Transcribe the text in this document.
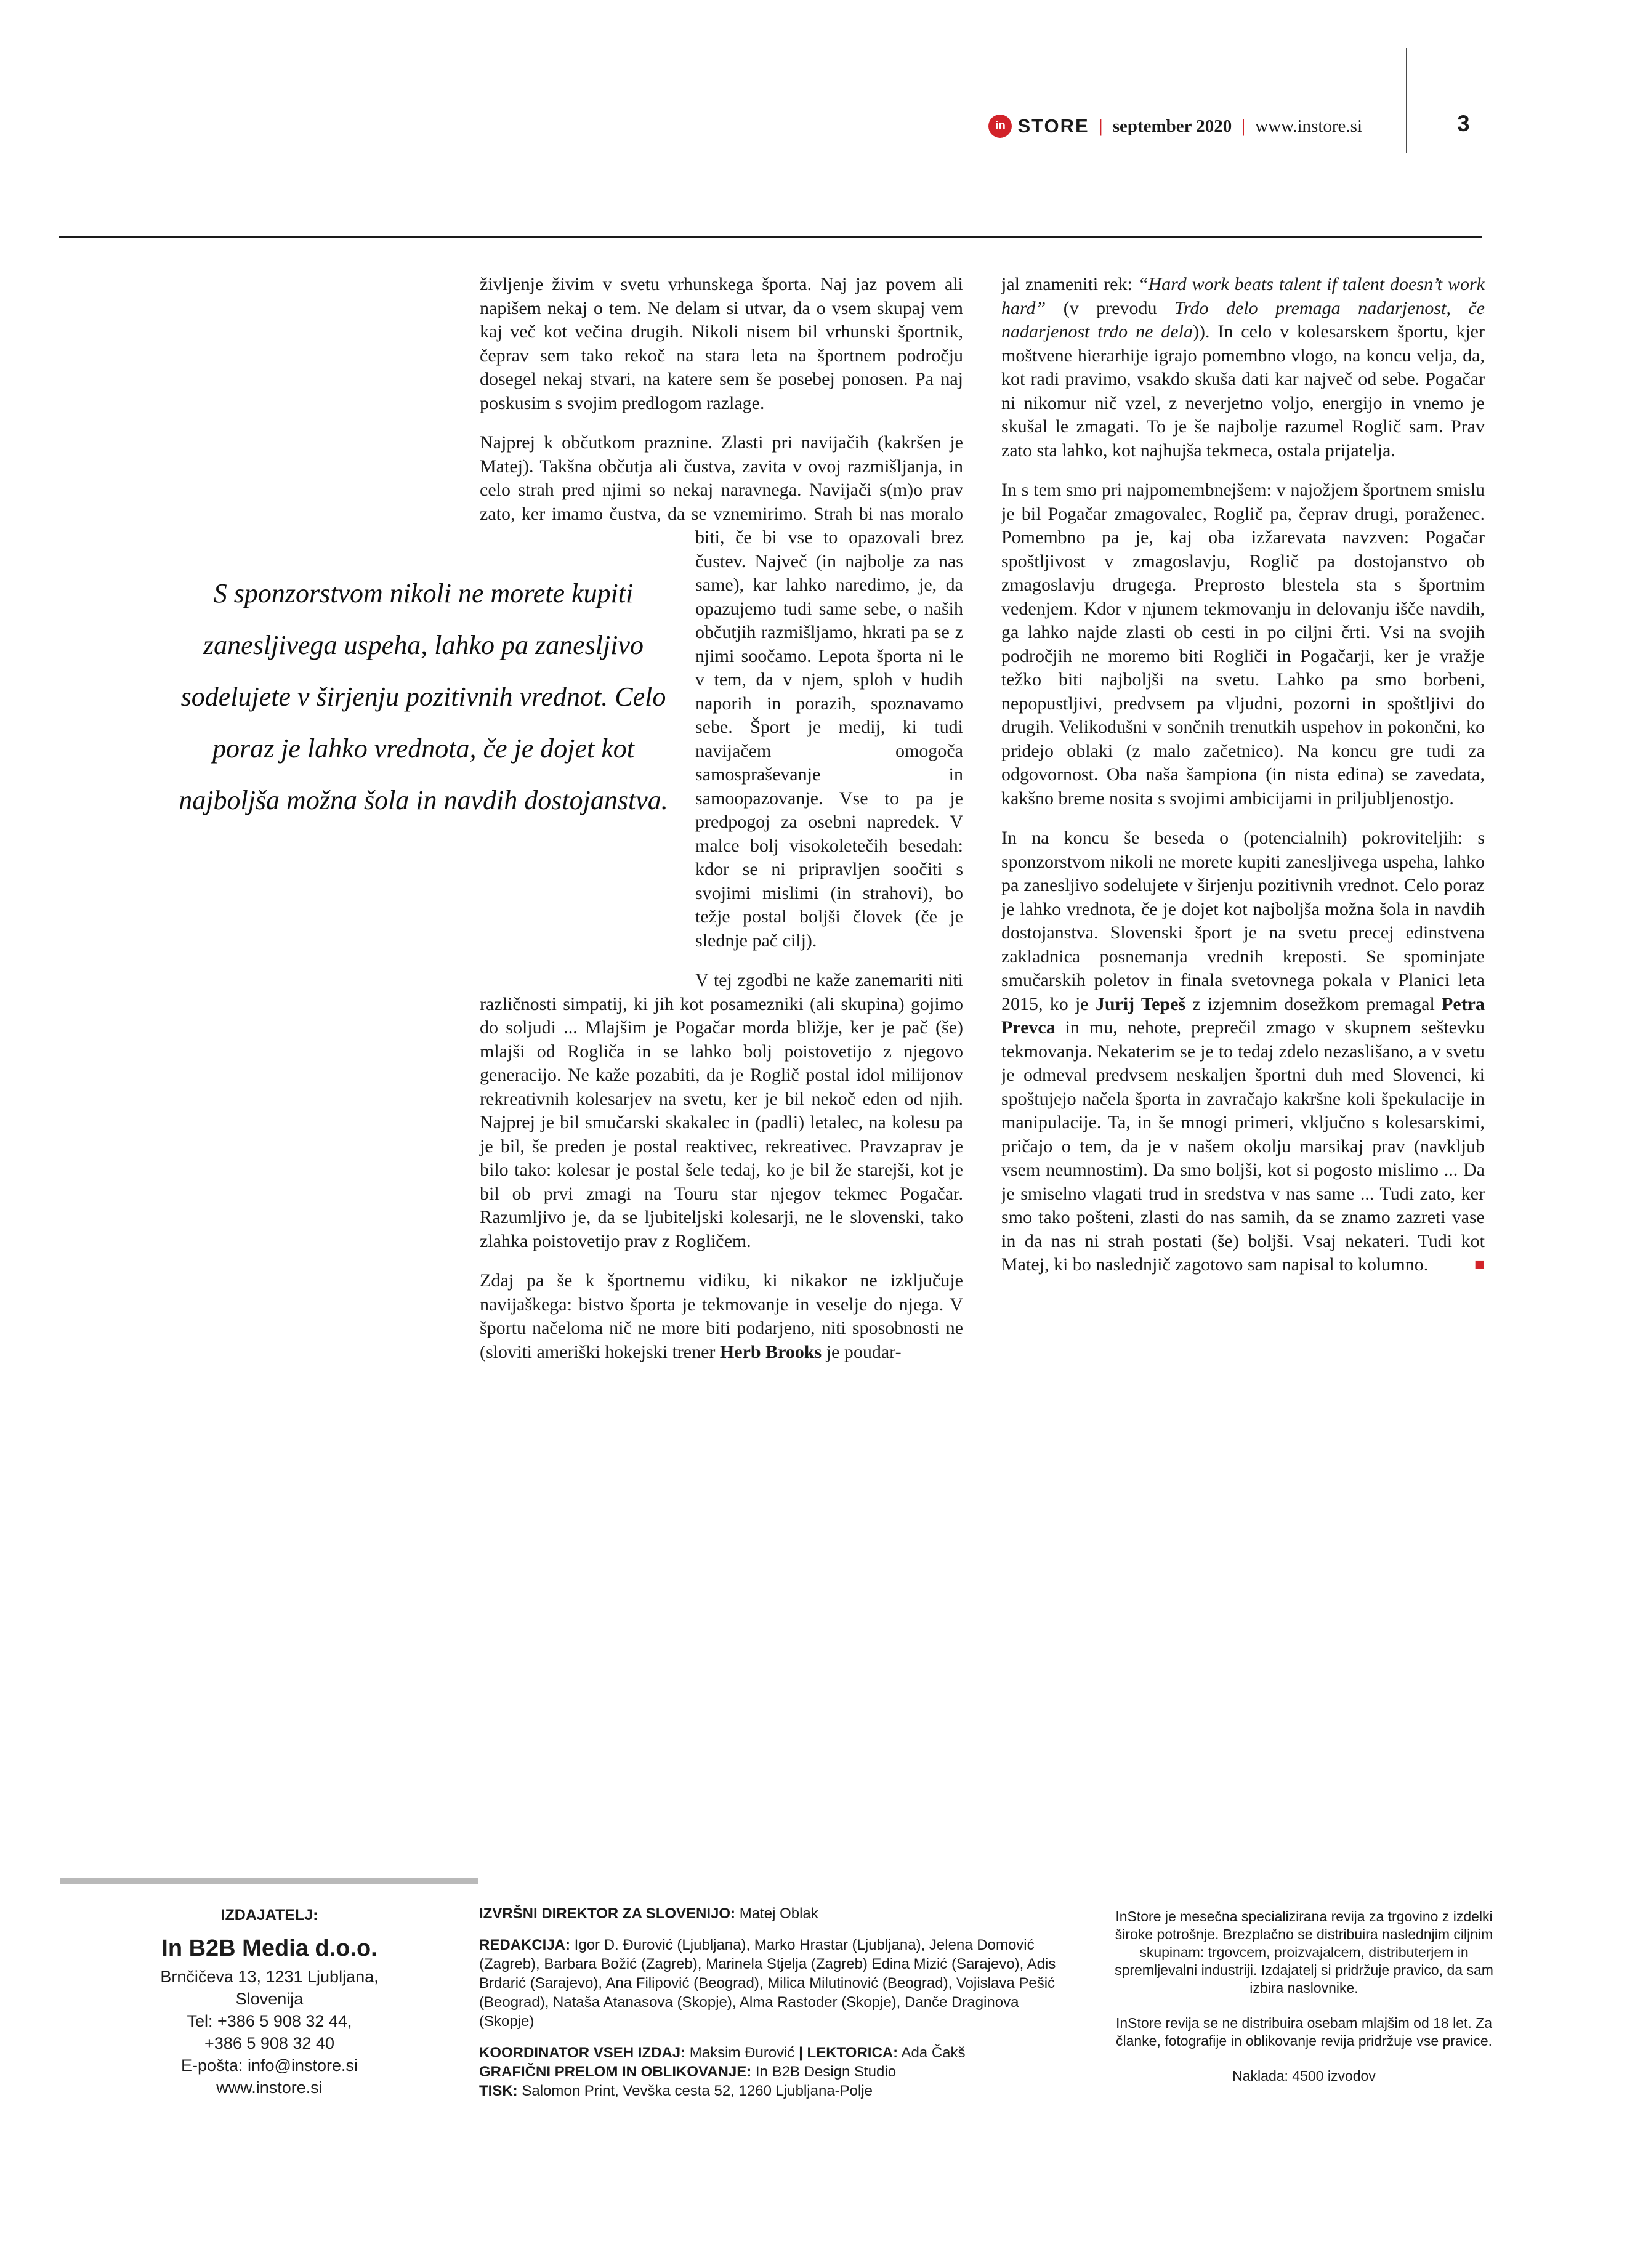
in STORE | september 2020 | www.instore.si	3

življenje živim v svetu vrhunskega športa. Naj jaz povem ali napišem nekaj o tem. Ne delam si utvar, da o vsem skupaj vem kaj več kot večina drugih. Nikoli nisem bil vrhunski športnik, čeprav sem tako rekoč na stara leta na športnem področju dosegel nekaj stvari, na katere sem še posebej ponosen. Pa naj poskusim s svojim predlogom razlage.

Najprej k občutkom praznine. Zlasti pri navijačih (kakršen je Matej). Takšna občutja ali čustva, zavita v ovoj razmišljanja, in celo strah pred njimi so nekaj naravnega. Navijači s(m)o prav zato, ker imamo čustva, da se vznemirimo. Strah bi nas
S sponzorstvom nikoli ne morete kupiti zanesljivega uspeha, lahko pa zanesljivo sodelujete v širjenju pozitivnih vrednot. Celo poraz je lahko vrednota, če je dojet kot najboljša možna šola in navdih dostojanstva.
moralo biti, če bi vse to opazovali brez čustev. Največ (in najbolje za nas same), kar lahko naredimo, je, da opazujemo tudi same sebe, o naših občutjih razmišljamo, hkrati pa se z njimi soočamo. Lepota športa ni le v tem, da v njem, sploh v hudih naporih in porazih, spoznavamo sebe. Šport je medij, ki tudi navijačem omogoča samospraševanje in samoopazovanje. Vse to pa je predpogoj za osebni napredek. V malce bolj visokoletečih besedah: kdor se ni pripravljen soočiti s svojimi mislimi (in strahovi), bo težje postal boljši človek (če je slednje pač cilj).

V tej zgodbi ne kaže zanemariti niti različnosti simpatij, ki jih kot posamezniki (ali skupina) gojimo do soljudi ... Mlajšim je Pogačar morda bližje, ker je pač (še) mlajši od Rogliča in se lahko bolj poistovetijo z njegovo generacijo. Ne kaže pozabiti, da je Roglič postal idol milijonov rekreativnih kolesarjev na svetu, ker je bil nekoč eden od njih. Najprej je bil smučarski skakalec in (padli) letalec, na kolesu pa je bil, še preden je postal reaktivec, rekreativec. Pravzaprav je bilo tako: kolesar je postal šele tedaj, ko je bil že starejši, kot je bil ob prvi zmagi na Touru star njegov tekmec Pogačar. Razumljivo je, da se ljubiteljski kolesarji, ne le slovenski, tako zlahka poistovetijo prav z Rogličem.

Zdaj pa še k športnemu vidiku, ki nikakor ne izključuje navijaškega: bistvo športa je tekmovanje in veselje do njega. V športu načeloma nič ne more biti podarjeno, niti sposobnosti ne (sloviti ameriški hokejski trener Herb Brooks je poudar-

jal znameniti rek: “Hard work beats talent if talent doesn’t work hard” (v prevodu Trdo delo premaga nadarjenost, če nadarjenost trdo ne dela)). In celo v kolesarskem športu, kjer moštvene hierarhije igrajo pomembno vlogo, na koncu velja, da, kot radi pravimo, vsakdo skuša dati kar največ od sebe. Pogačar ni nikomur nič vzel, z neverjetno voljo, energijo in vnemo je skušal le zmagati. To je še najbolje razumel Roglič sam. Prav zato sta lahko, kot najhujša tekmeca, ostala prijatelja.

In s tem smo pri najpomembnejšem: v najožjem športnem smislu je bil Pogačar zmagovalec, Roglič pa, čeprav drugi, poraženec. Pomembno pa je, kaj oba izžarevata navzven: Pogačar spoštljivost v zmagoslavju, Roglič pa dostojanstvo ob zmagoslavju drugega. Preprosto blestela sta s športnim vedenjem. Kdor v njunem tekmovanju in delovanju išče navdih, ga lahko najde zlasti ob cesti in po ciljni črti. Vsi na svojih področjih ne moremo biti Rogliči in Pogačarji, ker je vražje težko biti najboljši na svetu. Lahko pa smo borbeni, nepopustljivi, predvsem pa vljudni, pozorni in spoštljivi do drugih. Velikodušni v sončnih trenutkih uspehov in pokončni, ko pridejo oblaki (z malo začetnico). Na koncu gre tudi za odgovornost. Oba naša šampiona (in nista edina) se zavedata, kakšno breme nosita s svojimi ambicijami in priljubljenostjo.

In na koncu še beseda o (potencialnih) pokroviteljih: s sponzorstvom nikoli ne morete kupiti zanesljivega uspeha, lahko pa zanesljivo sodelujete v širjenju pozitivnih vrednot. Celo poraz je lahko vrednota, če je dojet kot najboljša možna šola in navdih dostojanstva. Slovenski šport je na svetu precej edinstvena zakladnica posnemanja vrednih kreposti. Se spominjate smučarskih poletov in finala svetovnega pokala v Planici leta 2015, ko je Jurij Tepeš z izjemnim dosežkom premagal Petra Prevca in mu, nehote, preprečil zmago v skupnem seštevku tekmovanja. Nekaterim se je to tedaj zdelo nezaslišano, a v svetu je odmeval predvsem neskaljen športni duh med Slovenci, ki spoštujejo načela športa in zavračajo kakršne koli špekulacije in manipulacije. Ta, in še mnogi primeri, vključno s kolesarskimi, pričajo o tem, da je v našem okolju marsikaj prav (navkljub vsem neumnostim). Da smo boljši, kot si pogosto mislimo ... Da je smiselno vlagati trud in sredstva v nas same ... Tudi zato, ker smo tako pošteni, zlasti do nas samih, da se znamo zazreti vase in da nas ni strah postati (še) boljši. Vsaj nekateri. Tudi kot Matej, ki bo naslednjič zagotovo sam napisal to kolumno.	■

IZDAJATELJ:
In B2B Media d.o.o.
Brnčičeva 13, 1231 Ljubljana,
Slovenija
Tel: +386 5 908 32 44,
+386 5 908 32 40
E-pošta: info@instore.si
www.instore.si
IZVRŠNI DIREKTOR ZA SLOVENIJO: Matej Oblak
REDAKCIJA: Igor D. Đurović (Ljubljana), Marko Hrastar (Ljubljana), Jelena Domović (Zagreb), Barbara Božić (Zagreb), Marinela Stjelja (Zagreb) Edina Mizić (Sarajevo), Adis Brdarić (Sarajevo), Ana Filipović (Beograd), Milica Milutinović (Beograd), Vojislava Pešić (Beograd), Nataša Atanasova (Skopje), Alma Rastoder (Skopje), Danče Draginova (Skopje)
KOORDINATOR VSEH IZDAJ: Maksim Đurović | LEKTORICA: Ada Čakš
GRAFIČNI PRELOM IN OBLIKOVANJE: In B2B Design Studio
TISK: Salomon Print, Vevška cesta 52, 1260 Ljubljana-Polje

InStore je mesečna specializirana revija za trgovino z izdelki široke potrošnje. Brezplačno se distribuira naslednjim ciljnim skupinam: trgovcem, proizvajalcem, distributerjem in spremljevalni industriji. Izdajatelj si pridržuje pravico, da sam izbira naslovnike.

InStore revija se ne distribuira osebam mlajšim od 18 let. Za članke, fotografije in oblikovanje revija pridržuje vse pravice.

Naklada: 4500 izvodov
